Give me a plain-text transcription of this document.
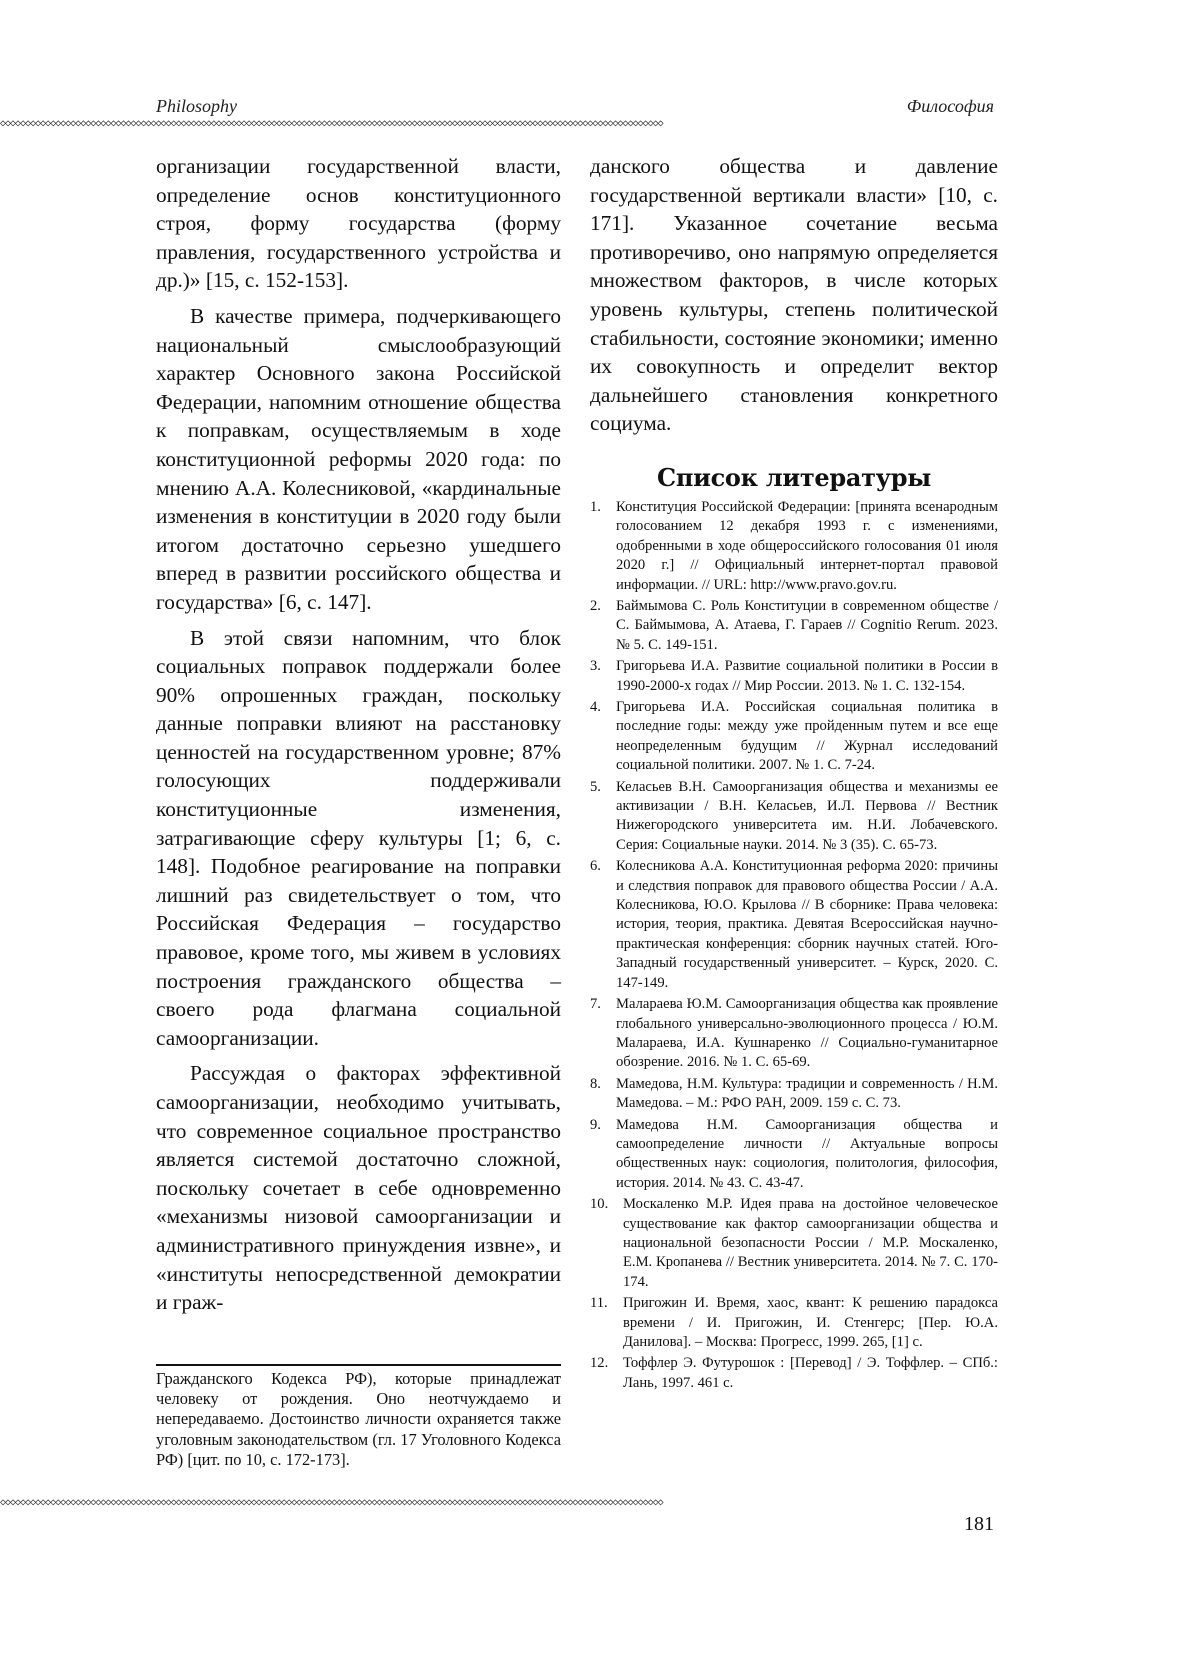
Philosophy	Философия
◇◇◇◇◇◇◇◇◇◇◇◇◇◇◇◇◇◇◇◇◇◇◇◇◇◇◇◇◇◇◇◇◇◇◇◇◇◇◇◇◇◇◇◇◇◇◇◇◇◇◇◇◇◇◇◇◇◇◇◇◇◇◇◇◇◇◇◇◇◇◇◇◇◇◇◇◇◇◇◇◇◇◇◇◇◇◇◇◇◇◇◇◇◇◇◇◇◇◇◇◇◇◇◇◇◇◇◇◇◇◇◇◇◇◇◇◇◇◇◇◇◇◇◇◇◇◇◇◇◇◇◇

организации государственной власти, определение основ конституционного строя, форму государства (форму правления, государственного устройства и др.)» [15, с. 152-153].

В качестве примера, подчеркивающего национальный смыслообразующий характер Основного закона Российской Федерации, напомним отношение общества к поправкам, осуществляемым в ходе конституционной реформы 2020 года: по мнению А.А. Колесниковой, «кардинальные изменения в конституции в 2020 году были итогом достаточно серьезно ушедшего вперед в развитии российского общества и государства» [6, с. 147].

В этой связи напомним, что блок социальных поправок поддержали более 90% опрошенных граждан, поскольку данные поправки влияют на расстановку ценностей на государственном уровне; 87% голосующих поддерживали конституционные изменения, затрагивающие сферу культуры [1; 6, с. 148]. Подобное реагирование на поправки лишний раз свидетельствует о том, что Российская Федерация – государство правовое, кроме того, мы живем в условиях построения гражданского общества – своего рода флагмана социальной самоорганизации.

Рассуждая о факторах эффективной самоорганизации, необходимо учитывать, что современное социальное пространство является системой достаточно сложной, поскольку сочетает в себе одновременно «механизмы низовой самоорганизации и административного принуждения извне», и «институты непосредственной демократии и граж-

Гражданского Кодекса РФ), которые принадлежат человеку от рождения. Оно неотчуждаемо и непередаваемо. Достоинство личности охраняется также уголовным законодательством (гл. 17 Уголовного Кодекса РФ) [цит. по 10, с. 172-173].

данского общества и давление государственной вертикали власти» [10, с. 171]. Указанное сочетание весьма противоречиво, оно напрямую определяется множеством факторов, в числе которых уровень культуры, степень политической стабильности, состояние экономики; именно их совокупность и определит вектор дальнейшего становления конкретного социума.

Список литературы
1. Конституция Российской Федерации: [принята всенародным голосованием 12 декабря 1993 г. с изменениями, одобренными в ходе общероссийского голосования 01 июля 2020 г.] // Официальный интернет-портал правовой информации. // URL: http://www.pravo.gov.ru.
2. Баймымова С. Роль Конституции в современном обществе / С. Баймымова, А. Атаева, Г. Гараев // Cognitio Rerum. 2023. № 5. С. 149-151.
3. Григорьева И.А. Развитие социальной политики в России в 1990-2000-х годах // Мир России. 2013. № 1. С. 132-154.
4. Григорьева И.А. Российская социальная политика в последние годы: между уже пройденным путем и все еще неопределенным будущим // Журнал исследований социальной политики. 2007. № 1. С. 7-24.
5. Келасьев В.Н. Самоорганизация общества и механизмы ее активизации / В.Н. Келасьев, И.Л. Первова // Вестник Нижегородского университета им. Н.И. Лобачевского. Серия: Социальные науки. 2014. № 3 (35). С. 65-73.
6. Колесникова А.А. Конституционная реформа 2020: причины и следствия поправок для правового общества России / А.А. Колесникова, Ю.О. Крылова // В сборнике: Права человека: история, теория, практика. Девятая Всероссийская научно-практическая конференция: сборник научных статей. Юго-Западный государственный университет. – Курск, 2020. С. 147-149.
7. Маларaева Ю.М. Самоорганизация общества как проявление глобального универсально-эволюционного процесса / Ю.М. Маларaева, И.А. Кушнаренко // Социально-гуманитарное обозрение. 2016. № 1. С. 65-69.
8. Мамедова, Н.М. Культура: традиции и современность / Н.М. Мамедова. – М.: РФО РАН, 2009. 159 с. С. 73.
9. Мамедова Н.М. Самоорганизация общества и самоопределение личности // Актуальные вопросы общественных наук: социология, политология, философия, история. 2014. № 43. С. 43-47.
10. Москаленко М.Р. Идея права на достойное человеческое существование как фактор самоорганизации общества и национальной безопасности России / М.Р. Москаленко, Е.М. Кропанева // Вестник университета. 2014. № 7. С. 170-174.
11. Пригожин И. Время, хаос, квант: К решению парадокса времени / И. Пригожин, И. Стенгерс; [Пер. Ю.А. Данилова]. – Москва: Прогресс, 1999. 265, [1] с.
12. Тоффлер Э. Футурошок : [Перевод] / Э. Тоффлер. – СПб.: Лань, 1997. 461 с.
◇◇◇◇◇◇◇◇◇◇◇◇◇◇◇◇◇◇◇◇◇◇◇◇◇◇◇◇◇◇◇◇◇◇◇◇◇◇◇◇◇◇◇◇◇◇◇◇◇◇◇◇◇◇◇◇◇◇◇◇◇◇◇◇◇◇◇◇◇◇◇◇◇◇◇◇◇◇◇◇◇◇◇◇◇◇◇◇◇◇◇◇◇◇◇◇◇◇◇◇◇◇◇◇◇◇◇◇◇◇◇◇◇◇◇◇◇◇◇◇◇◇◇◇◇◇◇◇◇◇◇◇
181
